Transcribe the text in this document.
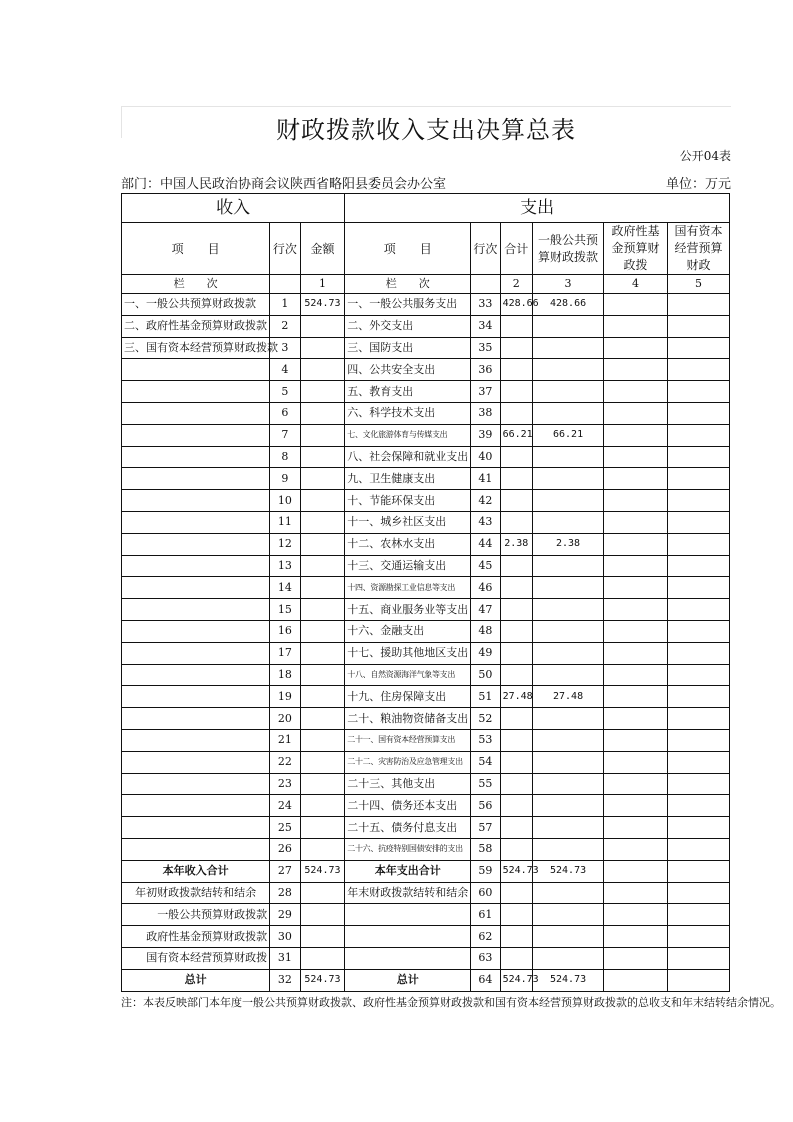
财政拨款收入支出决算总表
公开04表
部门：中国人民政治协商会议陕西省略阳县委员会办公室	单位：万元
收入			支出					
项　　目	行次	金额	项　　目	行次	合计	一般公共预算财政拨款	政府性基金预算财政拨	国有资本经营预算财政
栏　　次		1	栏　　次		2	3	4	5
一、一般公共预算财政拨款	1	524.73	一、一般公共服务支出	33	428.66	428.66		
二、政府性基金预算财政拨款	2		二、外交支出	34				
三、国有资本经营预算财政拨款	3		三、国防支出	35				
	4		四、公共安全支出	36				
	5		五、教育支出	37				
	6		六、科学技术支出	38				
	7		七、文化旅游体育与传媒支出	39	66.21	66.21		
	8		八、社会保障和就业支出	40				
	9		九、卫生健康支出	41				
	10		十、节能环保支出	42				
	11		十一、城乡社区支出	43				
	12		十二、农林水支出	44	2.38	2.38		
	13		十三、交通运输支出	45				
	14		十四、资源勘探工业信息等支出	46				
	15		十五、商业服务业等支出	47				
	16		十六、金融支出	48				
	17		十七、援助其他地区支出	49				
	18		十八、自然资源海洋气象等支出	50				
	19		十九、住房保障支出	51	27.48	27.48		
	20		二十、粮油物资储备支出	52				
	21		二十一、国有资本经营预算支出	53				
	22		二十二、灾害防治及应急管理支出	54				
	23		二十三、其他支出	55				
	24		二十四、债务还本支出	56				
	25		二十五、债务付息支出	57				
	26		二十六、抗疫特别国债安排的支出	58				
本年收入合计	27	524.73	本年支出合计	59	524.73	524.73		
年初财政拨款结转和结余	28		年末财政拨款结转和结余	60				
一般公共预算财政拨款	29			61				
政府性基金预算财政拨款	30			62				
国有资本经营预算财政拨	31			63				
总计	32	524.73	总计	64	524.73	524.73		
注：本表反映部门本年度一般公共预算财政拨款、政府性基金预算财政拨款和国有资本经营预算财政拨款的总收支和年末结转结余情况。
